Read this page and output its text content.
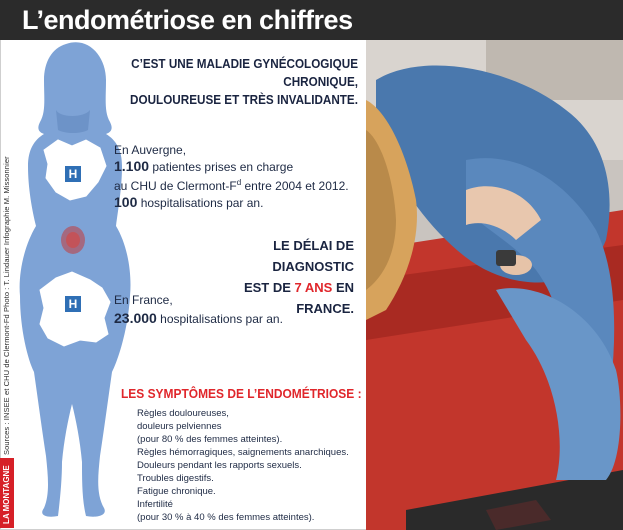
L’endométriose en chiffres
H
H
C’EST UNE MALADIE GYNÉCOLOGIQUE CHRONIQUE,
DOULOUREUSE ET TRÈS INVALIDANTE.
En Auvergne,
1.100 patientes prises en charge
au CHU de Clermont-$F^d$ entre 2004 et 2012.
100 hospitalisations par an.
LE DÉLAI DE DIAGNOSTIC
EST DE 7 ANS EN FRANCE.
En France,
23.000 hospitalisations par an.
LES SYMPTÔMES DE L’ENDOMÉTRIOSE :
Règles douloureuses,
douleurs pelviennes
(pour 80 % des femmes atteintes).
Règles hémorragiques, saignements anarchiques.
Douleurs pendant les rapports sexuels.
Troubles digestifs.
Fatigue chronique.
Infertilité
(pour 30 % à 40 % des femmes atteintes).
Sources : INSEE et CHU de Clermont-Fd Photo : T. Lindauer Infographie M. Missonnier
LA MONTAGNE
